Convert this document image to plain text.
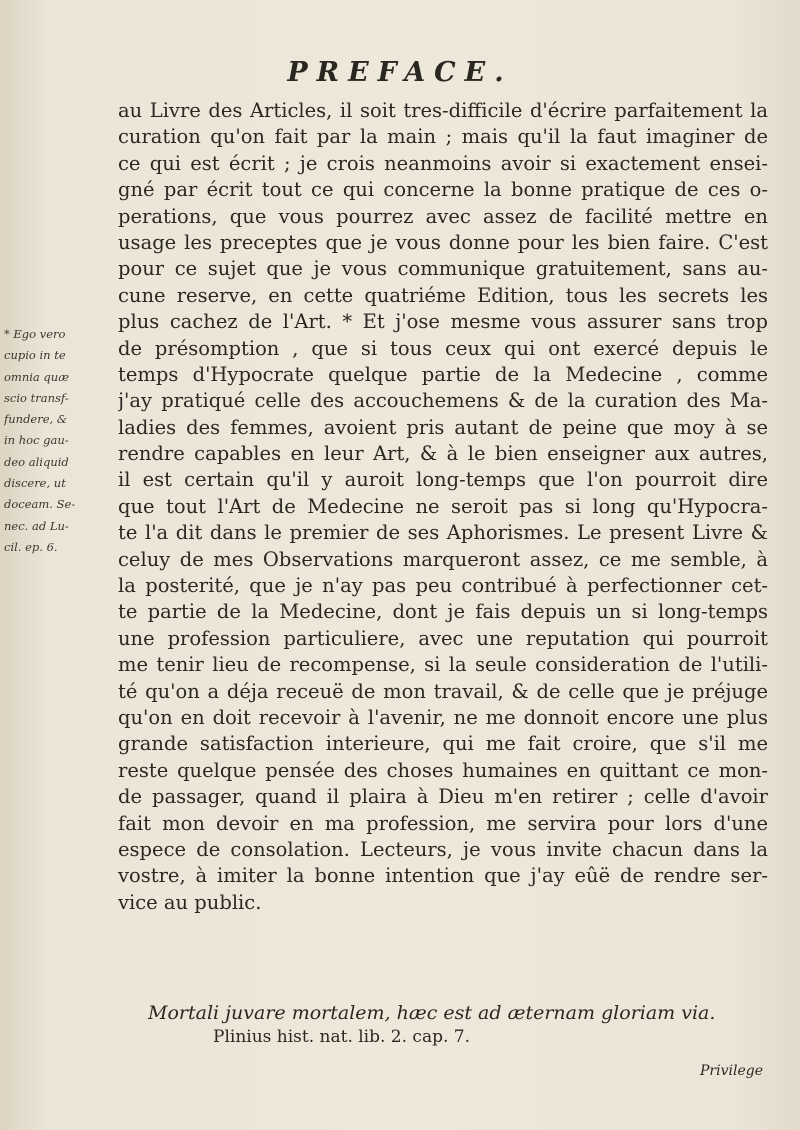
PREFACE.
* Ego vero
cupio in te
omnia quæ
scio transf-
fundere, &
in hoc gau-
deo aliquid
discere, ut
doceam. Se-
nec. ad Lu-
cil. ep. 6.
au Livre des Articles, il soit tres-difficile d'écrire parfaitement la
curation qu'on fait par la main ; mais qu'il la faut imaginer de
ce qui est écrit ; je crois neanmoins avoir si exactement ensei-
gné par écrit tout ce qui concerne la bonne pratique de ces o-
perations, que vous pourrez avec assez de facilité mettre en
usage les preceptes que je vous donne pour les bien faire. C'est
pour ce sujet que je vous communique gratuitement, sans au-
cune reserve, en cette quatriéme Edition, tous les secrets les
plus cachez de l'Art. * Et j'ose mesme vous assurer sans trop
de présomption , que si tous ceux qui ont exercé depuis le
temps d'Hypocrate quelque partie de la Medecine , comme
j'ay pratiqué celle des accouchemens & de la curation des Ma-
ladies des femmes, avoient pris autant de peine que moy à se
rendre capables en leur Art, & à le bien enseigner aux autres,
il est certain qu'il y auroit long-temps que l'on pourroit dire
que tout l'Art de Medecine ne seroit pas si long qu'Hypocra-
te l'a dit dans le premier de ses Aphorismes. Le present Livre &
celuy de mes Observations marqueront assez, ce me semble, à
la posterité, que je n'ay pas peu contribué à perfectionner cet-
te partie de la Medecine, dont je fais depuis un si long-temps
une profession particuliere, avec une reputation qui pourroit
me tenir lieu de recompense, si la seule consideration de l'utili-
té qu'on a déja receuë de mon travail, & de celle que je préjuge
qu'on en doit recevoir à l'avenir, ne me donnoit encore une plus
grande satisfaction interieure, qui me fait croire, que s'il me
reste quelque pensée des choses humaines en quittant ce mon-
de passager, quand il plaira à Dieu m'en retirer ; celle d'avoir
fait mon devoir en ma profession, me servira pour lors d'une
espece de consolation. Lecteurs, je vous invite chacun dans la
vostre, à imiter la bonne intention que j'ay eûë de rendre ser-
vice au public.
Mortali juvare mortalem, hæc est ad æternam gloriam via.
Plinius hist. nat. lib. 2. cap. 7.
Privilege
